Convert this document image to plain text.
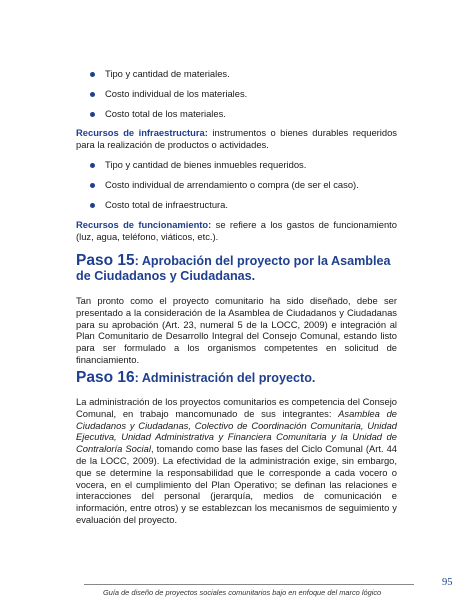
Tipo y cantidad de materiales.
Costo individual de los materiales.
Costo total de los materiales.

Recursos de infraestructura: instrumentos o bienes durables requeridos para la realización de productos o actividades.

Tipo y cantidad de bienes inmuebles requeridos.
Costo individual de arrendamiento o compra (de ser el caso).
Costo total de infraestructura.

Recursos de funcionamiento: se refiere a los gastos de funcionamiento (luz, agua, teléfono, viáticos, etc.).

Paso 15: Aprobación del proyecto por la Asamblea de Ciudadanos y Ciudadanas.

Tan pronto como el proyecto comunitario ha sido diseñado, debe ser presentado a la consideración de la Asamblea de Ciudadanos y Ciudadanas para su aprobación (Art. 23, numeral 5 de la LOCC, 2009) e integración al Plan Comunitario de Desarrollo Integral del Consejo Comunal, estando listo para ser formulado a los organismos competentes en solicitud de financiamiento.

Paso 16: Administración del proyecto.

La administración de los proyectos comunitarios es competencia del Consejo Comunal, en trabajo mancomunado de sus integrantes: Asamblea de Ciudadanos y Ciudadanas, Colectivo de Coordinación Comunitaria, Unidad Ejecutiva, Unidad Administrativa y Financiera Comunitaria y la Unidad de Contraloría Social, tomando como base las fases del Ciclo Comunal (Art. 44 de la LOCC, 2009). La efectividad de la administración exige, sin embargo, que se determine la responsabilidad que le corresponde a cada vocero o vocera, en el cumplimiento del Plan Operativo; se definan las relaciones e interacciones del personal (jerarquía, medios de comunicación e información, entre otros) y se establezcan los mecanismos de seguimiento y evaluación del proyecto.

Guía de diseño de proyectos sociales comunitarios bajo en enfoque del marco lógico
95
